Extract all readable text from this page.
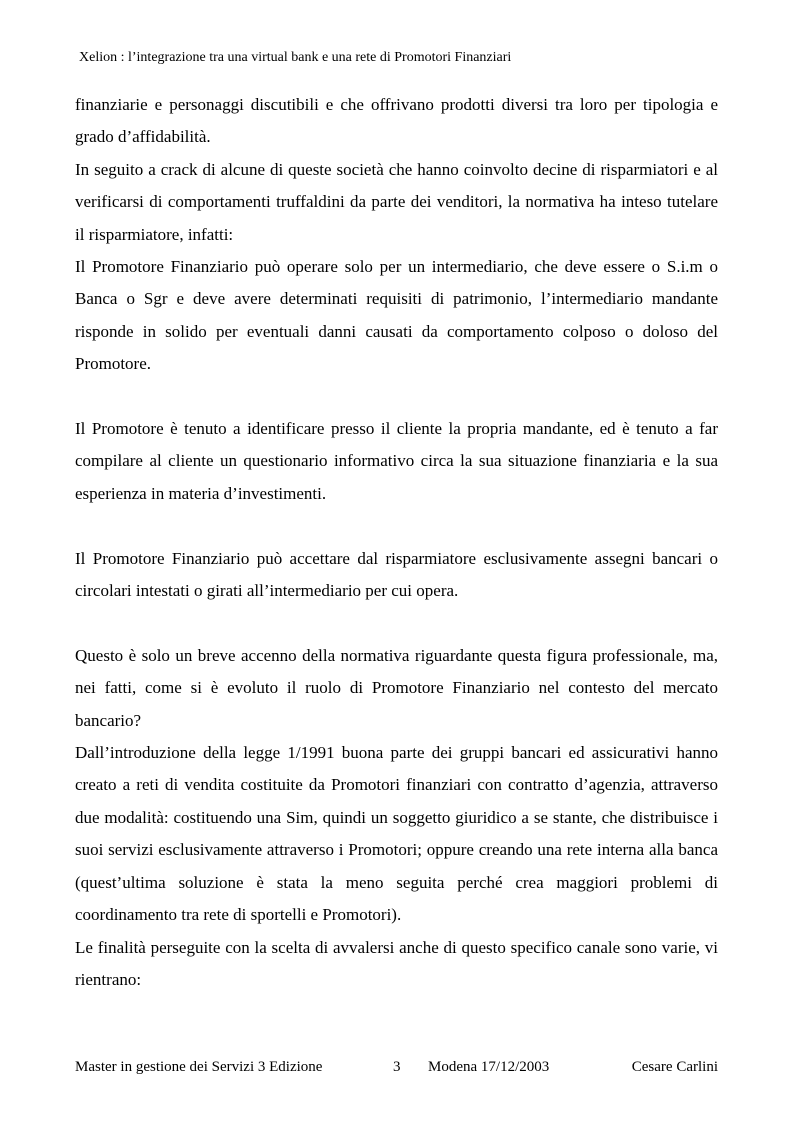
Xelion : l’integrazione tra una virtual bank e una rete di Promotori Finanziari

finanziarie e personaggi discutibili e che offrivano prodotti diversi tra loro per tipologia e grado d’affidabilità.

In seguito a crack di alcune di queste società che hanno coinvolto decine di risparmiatori e al verificarsi di comportamenti truffaldini da parte dei venditori, la normativa ha inteso tutelare il risparmiatore, infatti:

Il Promotore Finanziario può operare solo per un intermediario, che deve essere o S.i.m o Banca o Sgr e deve avere determinati requisiti di patrimonio, l’intermediario mandante risponde in solido per eventuali danni causati da comportamento colposo o doloso del Promotore.

Il Promotore è tenuto a identificare presso il cliente la propria mandante, ed è tenuto a far compilare al cliente un questionario informativo circa la sua situazione finanziaria e la sua esperienza in materia d’investimenti.

Il Promotore Finanziario può accettare dal risparmiatore esclusivamente assegni bancari o circolari intestati o girati all’intermediario per cui opera.

Questo è solo un breve accenno della normativa riguardante questa figura professionale, ma, nei fatti, come si è evoluto il ruolo di Promotore Finanziario nel contesto del mercato bancario?

Dall’introduzione della legge 1/1991 buona parte dei gruppi bancari ed assicurativi hanno creato a reti di vendita costituite da Promotori finanziari con contratto d’agenzia, attraverso due modalità: costituendo una Sim, quindi un soggetto giuridico a se stante, che distribuisce i suoi servizi esclusivamente attraverso i Promotori; oppure creando una rete interna alla banca (quest’ultima soluzione è stata la meno seguita perché crea maggiori problemi di coordinamento tra rete di sportelli e Promotori).

Le finalità perseguite con la scelta di avvalersi anche di questo specifico canale sono varie, vi rientrano:

Master in gestione dei Servizi 3 Edizione	3 Modena 17/12/2003	Cesare Carlini
